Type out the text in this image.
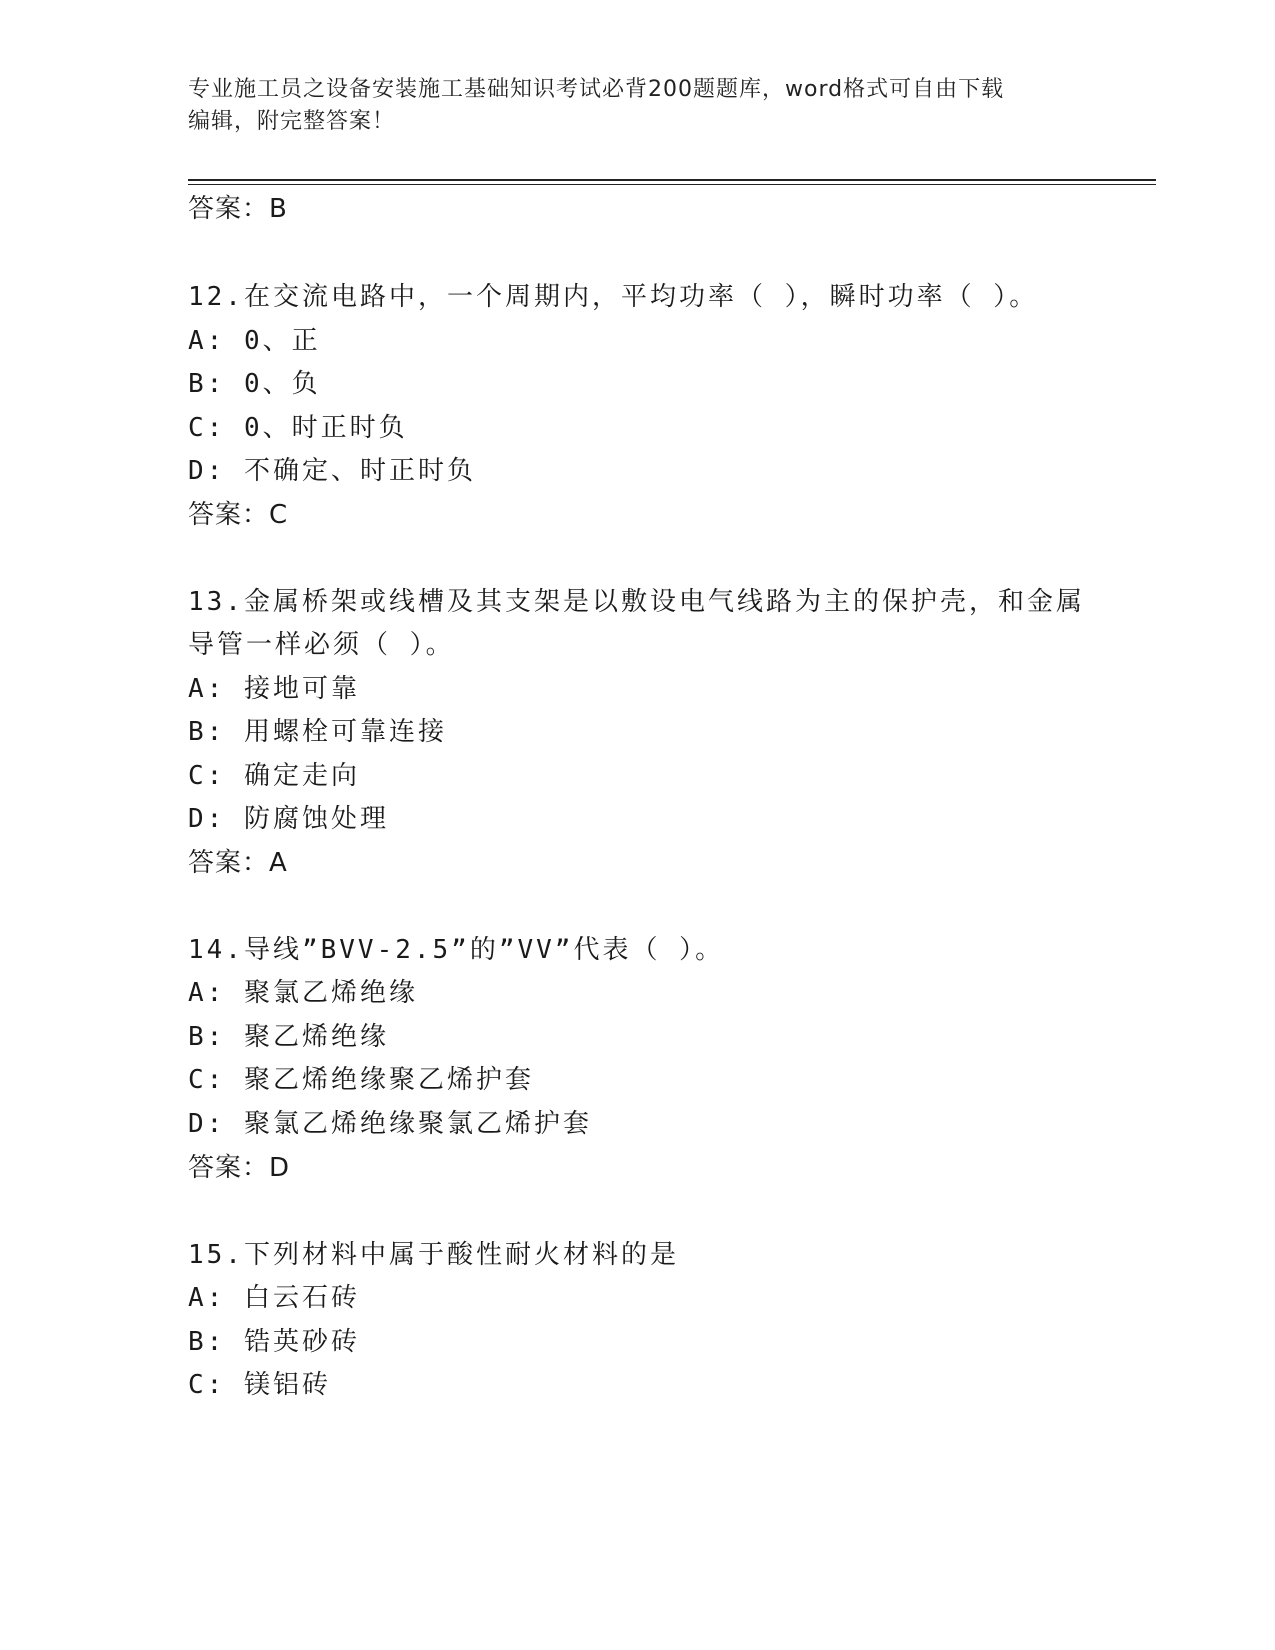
专业施工员之设备安装施工基础知识考试必背200题题库，word格式可自由下载
编辑，附完整答案！
答案：B
12.在交流电路中，一个周期内，平均功率（ ），瞬时功率（ ）。
A: 0、正
B: 0、负
C: 0、时正时负
D: 不确定、时正时负
答案：C
13.金属桥架或线槽及其支架是以敷设电气线路为主的保护壳，和金属
导管一样必须（ ）。
A: 接地可靠
B: 用螺栓可靠连接
C: 确定走向
D: 防腐蚀处理
答案：A
14.导线”BVV-2.5”的”VV”代表（ ）。
A: 聚氯乙烯绝缘
B: 聚乙烯绝缘
C: 聚乙烯绝缘聚乙烯护套
D: 聚氯乙烯绝缘聚氯乙烯护套
答案：D
15.下列材料中属于酸性耐火材料的是
A: 白云石砖
B: 锆英砂砖
C: 镁铝砖
